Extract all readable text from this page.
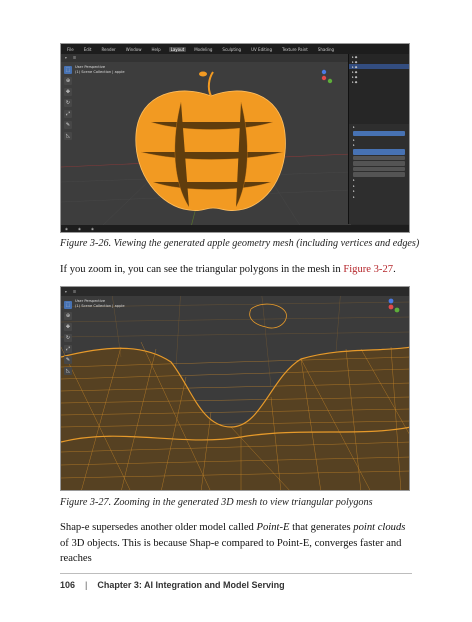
File	Edit	Render	Window	Help	Layout	Modeling	Sculpting	UV Editing	Texture Paint	Shading
▾ ☰
⬚
⊕
✥
↻
⤢
✎
◺
User Perspective
(1) Scene Collection | apple
▸ ◆
▸ ◆
▸ ◆
▸ ◆
▸ ◆
▸ ◆
▸
▸
▸
▸
▸
▸
▸
◉	◉	◉
Figure 3-26. Viewing the generated apple geometry mesh (including vertices and edges)
If you zoom in, you can see the triangular polygons in the mesh in Figure 3-27.
▾ ☰
⬚
⊕
✥
↻
⤢
✎
◺
User Perspective
(1) Scene Collection | apple
Figure 3-27. Zooming in the generated 3D mesh to view triangular polygons
Shap-e supersedes another older model called Point-E that generates point clouds of 3D objects. This is because Shap-e compared to Point-E, converges faster and reaches
106 | Chapter 3: AI Integration and Model Serving
